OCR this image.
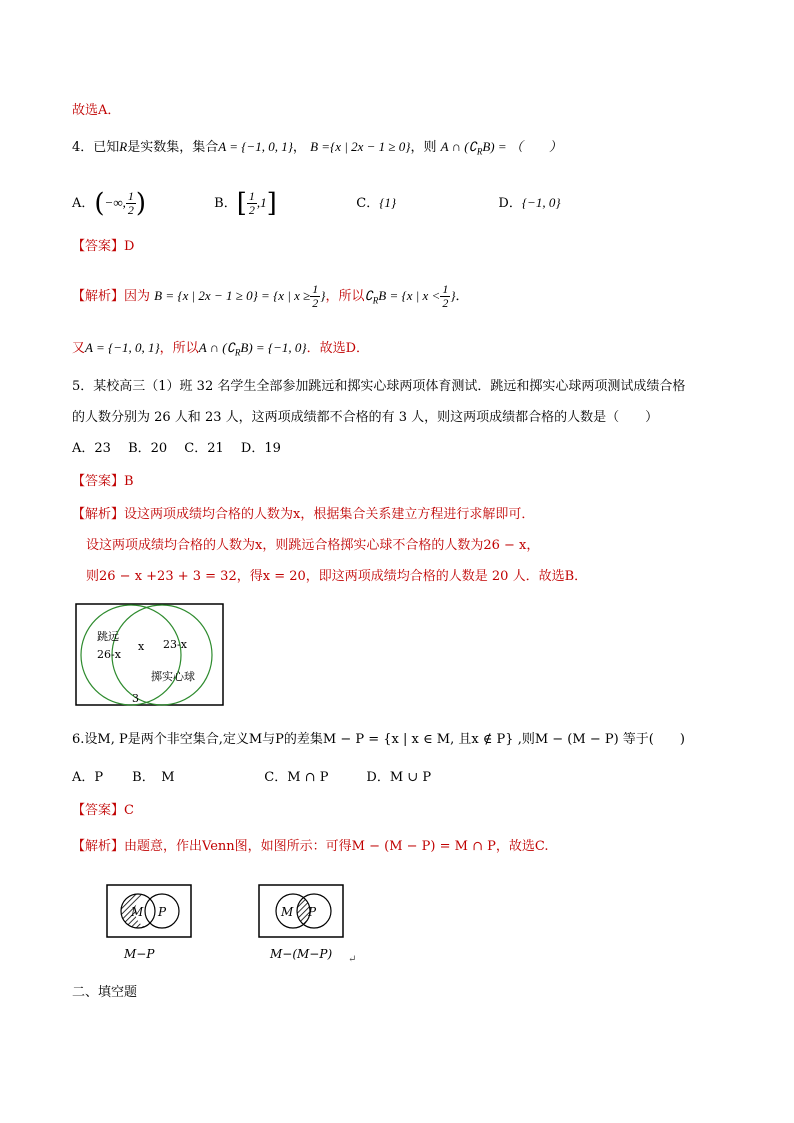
故选A．
4．已知R是实数集，集合A = {−1, 0, 1}， B ={x | 2x − 1 ≥ 0}，则 A ∩ $(∁_RB)$ = （　　）
A．(−∞, $\frac{1}{2}$ )	B．[ $\frac{1}{2} ,1$]	C．{1}	D．{−1, 0}
【答案】D
【解析】因为 B = {x | 2x − 1 ≥ 0} = {x | $x \ge \frac{1}{2}$ }，所以$∁_RB = \{x$ | $x < \frac{1}{2}$ }．
又A = {−1, 0, 1}，所以A ∩ $(∁_RB) = \{-1$, 0}．故选D．
5．某校高三（1）班 32 名学生全部参加跳远和掷实心球两项体育测试．跳远和掷实心球两项测试成绩合格
的人数分别为 26 人和 23 人，这两项成绩都不合格的有 3 人，则这两项成绩都合格的人数是（　　）
A．23　 B．20　 C．21　 D．19
【答案】B
【解析】设这两项成绩均合格的人数为x，根据集合关系建立方程进行求解即可．
设这两项成绩均合格的人数为x，则跳远合格掷实心球不合格的人数为26 − x，
则26 − x +23 + 3 = 32，得x = 20，即这两项成绩均合格的人数是 20 人．故选B．
跳远
26-x
x 23-x
掷实心球
3
6.设M, P是两个非空集合,定义M与P的差集M − P = {x | x ∈ M, 且x ∉ P} ,则M − (M − P) 等于(　　)
A．P B．　M	C．M ∩ P	D．M ∪ P
【答案】C
【解析】由题意，作出Venn图，如图所示：可得M − (M − P) = M ∩ P，故选C.
M P
M−P
M P
M−(M−P) ↵
二、填空题
